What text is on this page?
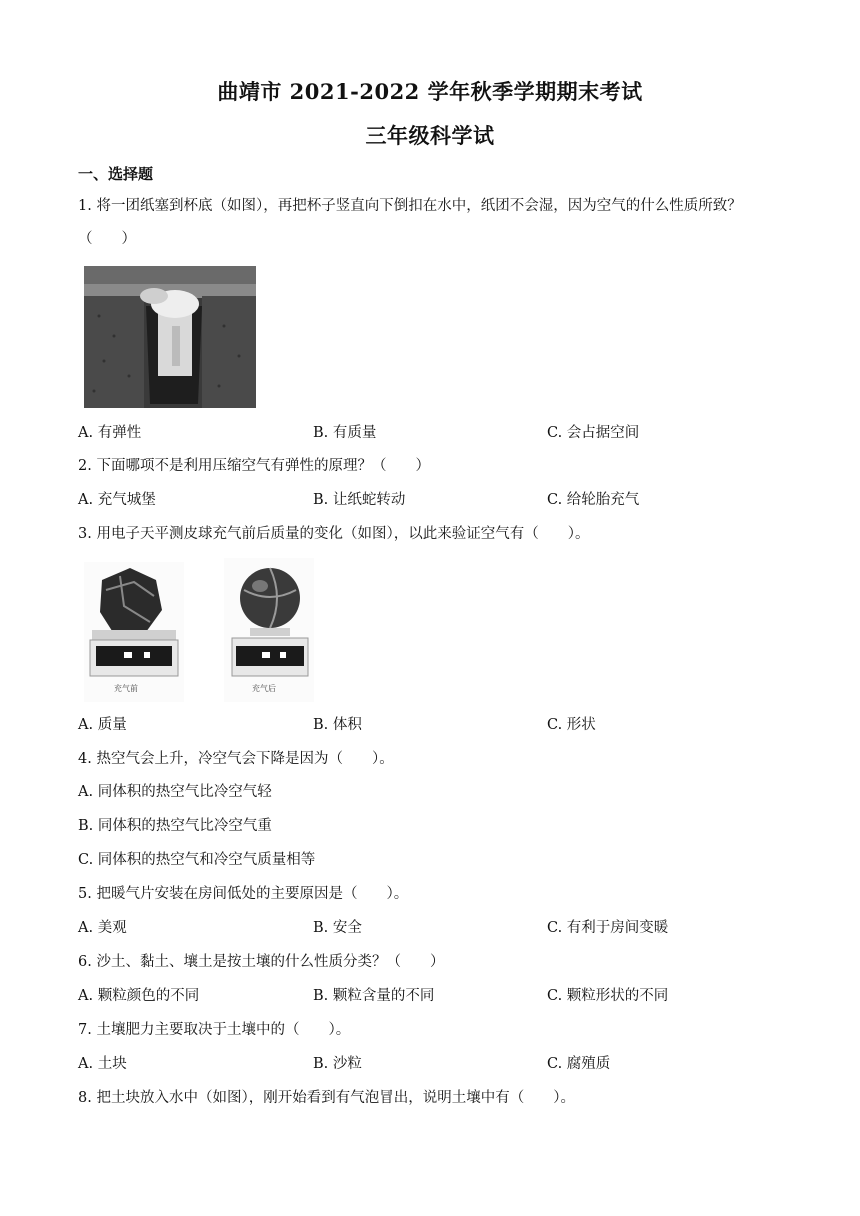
曲靖市 2021-2022 学年秋季学期期末考试
三年级科学试
一、选择题
1. 将一团纸塞到杯底（如图），再把杯子竖直向下倒扣在水中，纸团不会湿，因为空气的什么性质所致？
（　　）
A. 有弹性	B. 有质量	C. 会占据空间
2. 下面哪项不是利用压缩空气有弹性的原理？（　　）
A. 充气城堡	B. 让纸蛇转动	C. 给轮胎充气
3. 用电子天平测皮球充气前后质量的变化（如图），以此来验证空气有（　　）。
充气前	充气后
A. 质量	B. 体积	C. 形状
4. 热空气会上升，冷空气会下降是因为（　　）。
A. 同体积的热空气比冷空气轻
B. 同体积的热空气比冷空气重
C. 同体积的热空气和冷空气质量相等
5. 把暖气片安装在房间低处的主要原因是（　　）。
A. 美观	B. 安全	C. 有利于房间变暖
6. 沙土、黏土、壤土是按土壤的什么性质分类？（　　）
A. 颗粒颜色的不同	B. 颗粒含量的不同	C. 颗粒形状的不同
7. 土壤肥力主要取决于土壤中的（　　）。
A. 土块	B. 沙粒	C. 腐殖质
8. 把土块放入水中（如图），刚开始看到有气泡冒出，说明土壤中有（　　）。
